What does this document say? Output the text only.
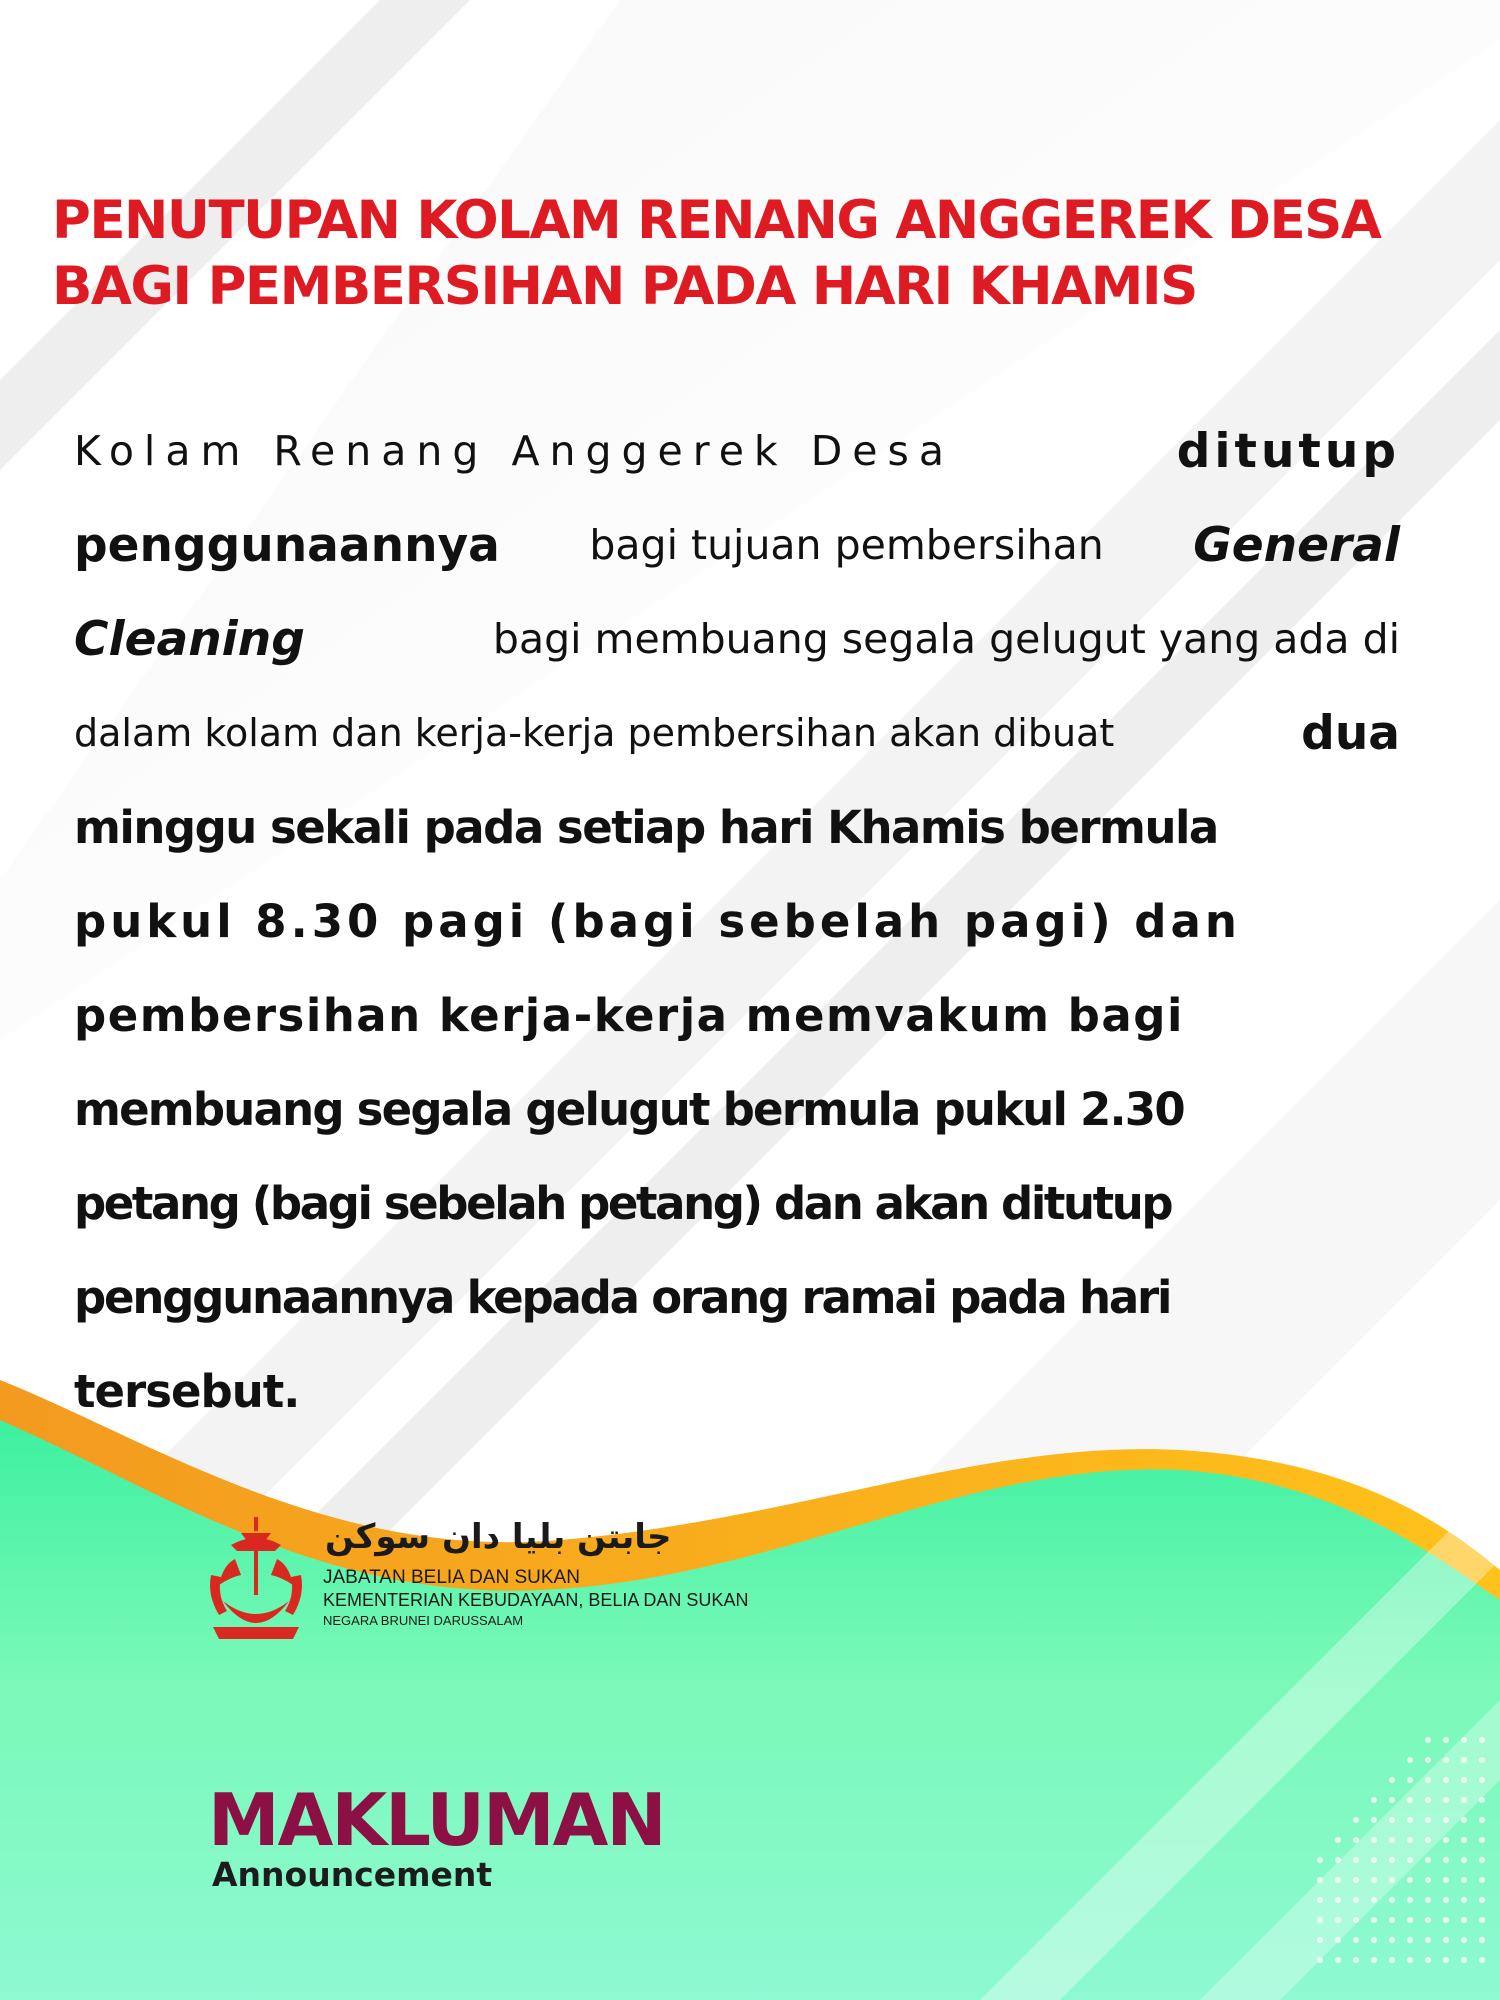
PENUTUPAN KOLAM RENANG ANGGEREK DESA
BAGI PEMBERSIHAN PADA HARI KHAMIS
Kolam Renang Anggerek Desa	ditutup
penggunaannya bagi tujuan pembersihan General
Cleaning	bagi membuang segala gelugut yang ada di
dalam kolam dan kerja-kerja pembersihan akan dibuat	dua
minggu sekali pada setiap hari Khamis bermula
pukul 8.30 pagi (bagi sebelah pagi) dan
pembersihan kerja-kerja memvakum bagi
membuang segala gelugut bermula pukul 2.30
petang (bagi sebelah petang) dan akan ditutup
penggunaannya kepada orang ramai pada hari
tersebut.
جابتن بليا دان سوکن
JABATAN BELIA DAN SUKAN
KEMENTERIAN KEBUDAYAAN, BELIA DAN SUKAN
NEGARA BRUNEI DARUSSALAM
MAKLUMAN
Announcement
